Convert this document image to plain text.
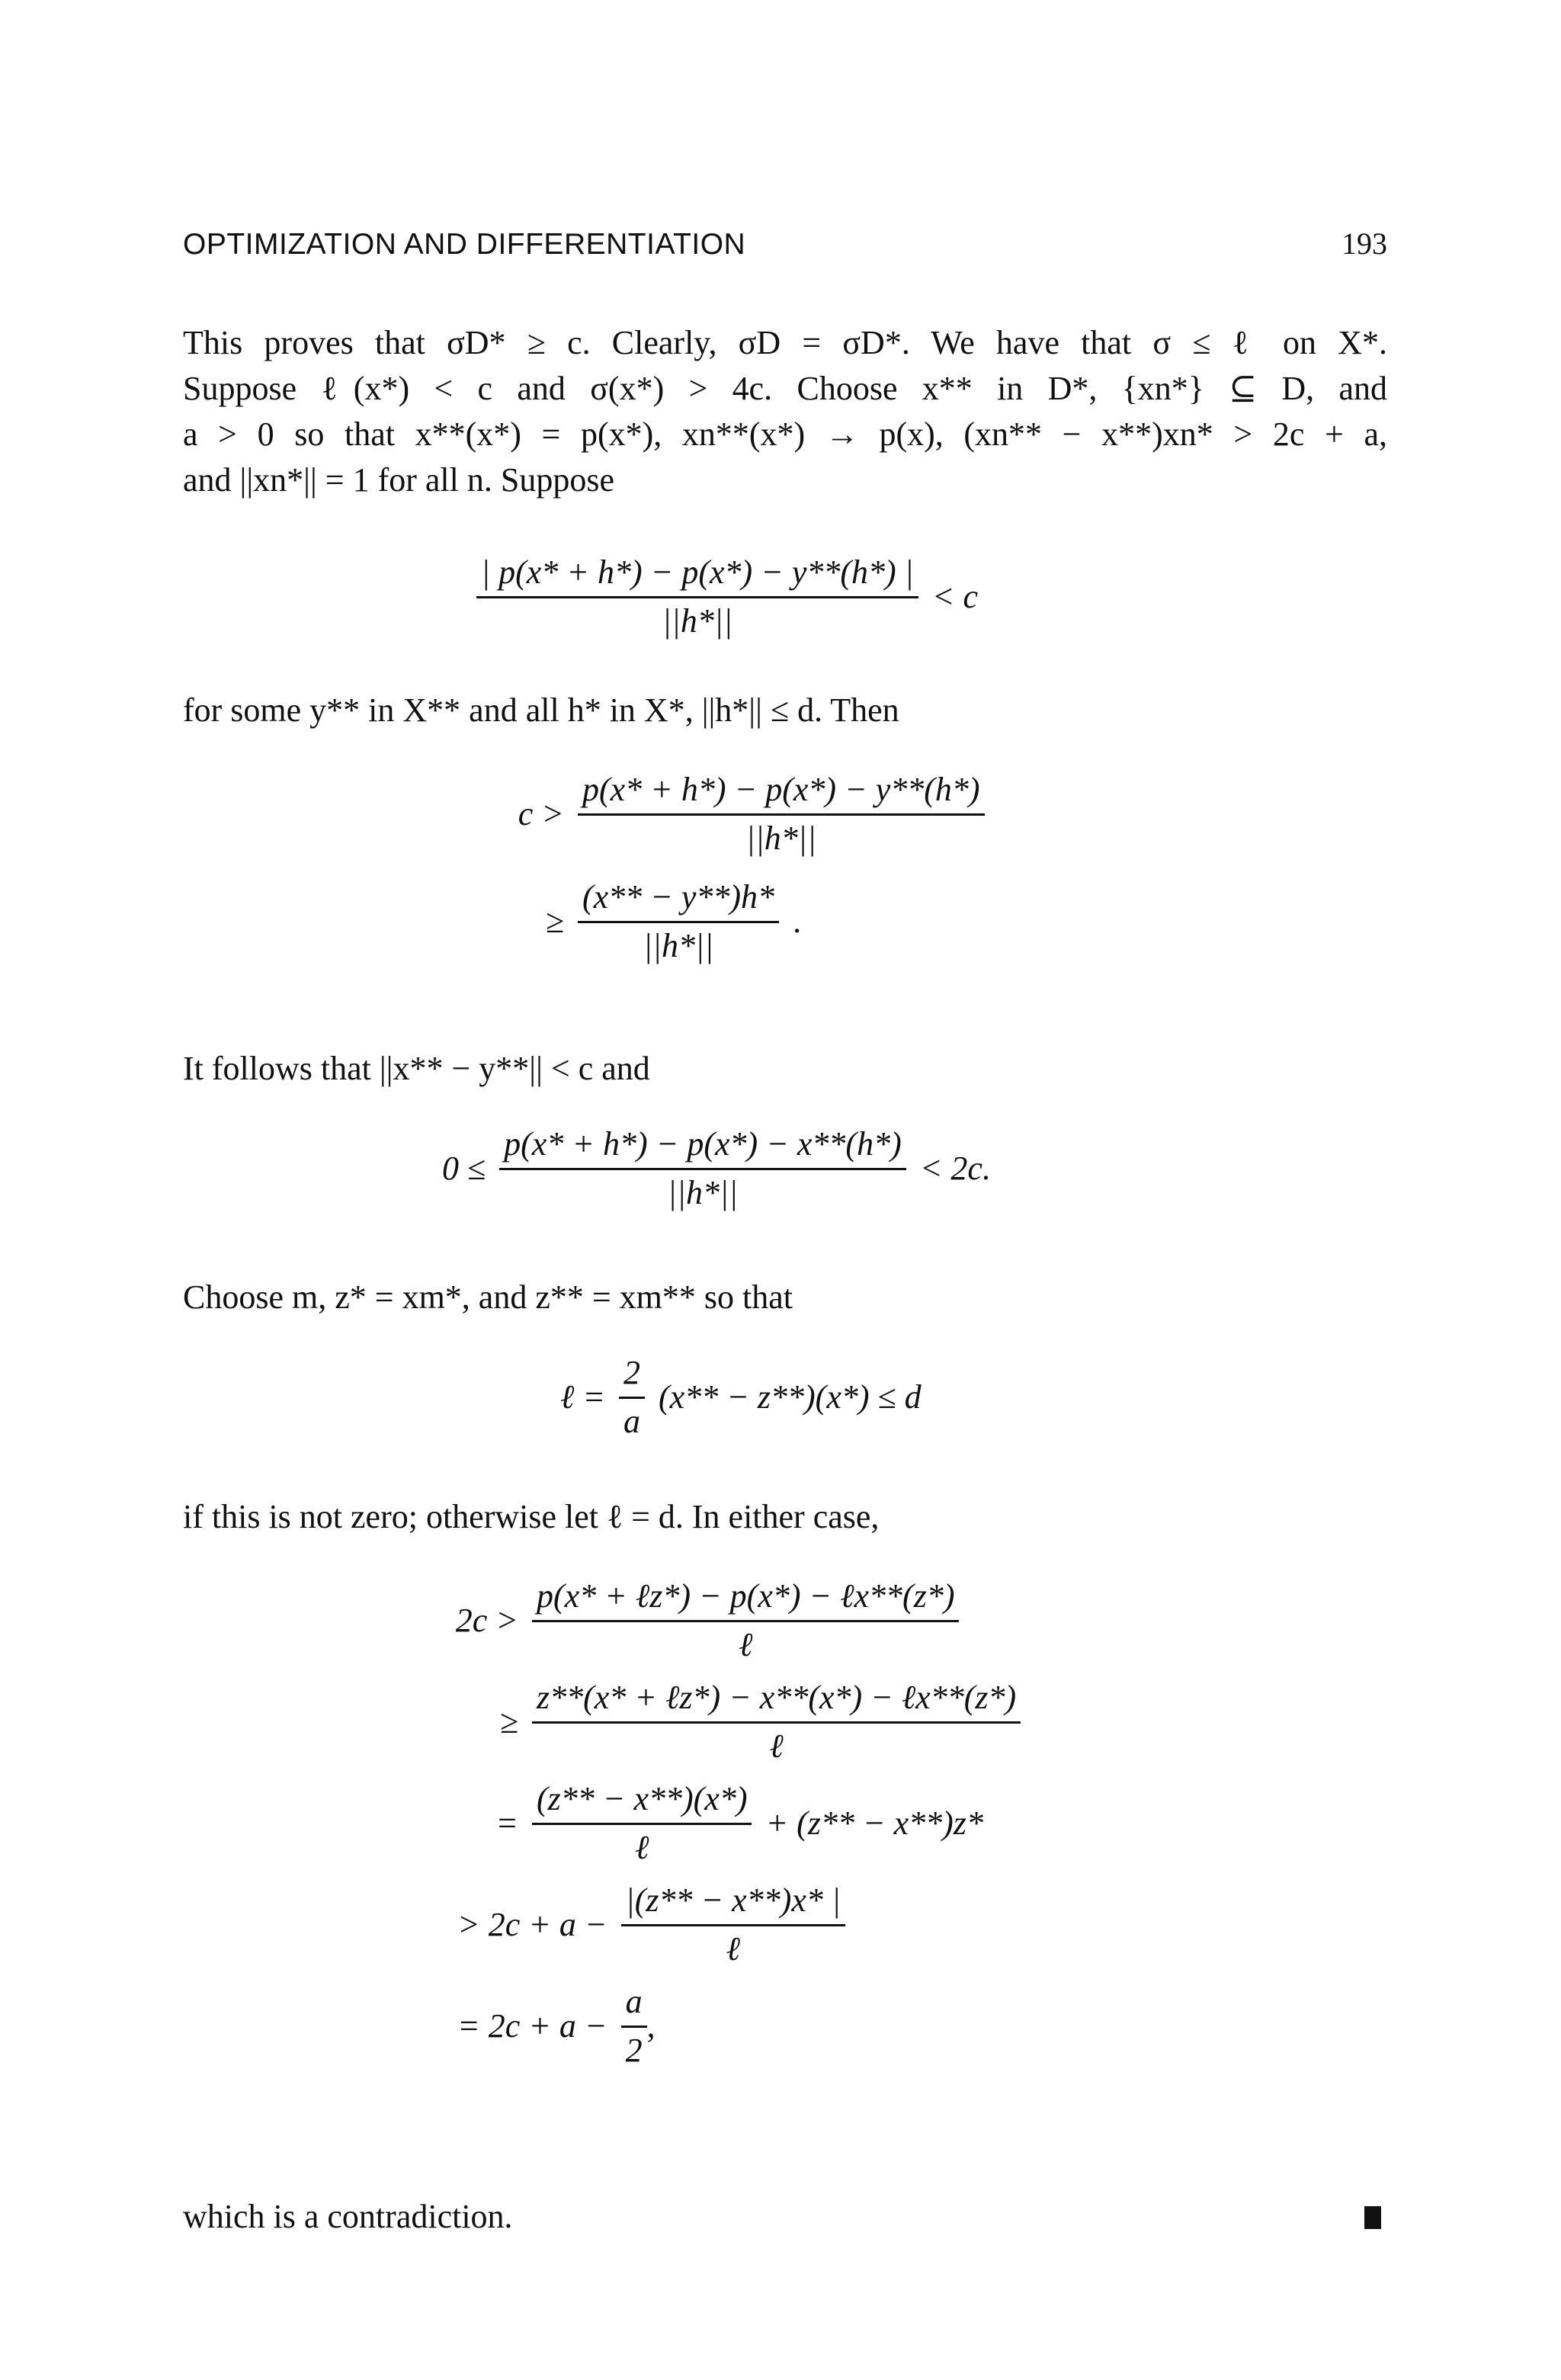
OPTIMIZATION AND DIFFERENTIATION	193
This proves that σD* ≥ c. Clearly, σD = σD*. We have that σ ≤ ℓ on X*.
Suppose ℓ(x*) < c and σ(x*) > 4c. Choose x** in D*, {xn*} ⊆ D, and
a > 0 so that x**(x*) = p(x*), xn**(x*) → p(x), (xn** − x**)xn* > 2c + a,
and ||xn*|| = 1 for all n. Suppose
$\frac{| p(x* + h*) - p(x*) - y**(h*) |}{||h*||} < c$
for some y** in X** and all h* in X*, ||h*|| ≤ d. Then
$c > \frac{p(x* + h*) - p(x*) - y**(h*)}{||h*||}$
≥ $\frac{(x** - y**)h*}{||h*||}$ .
It follows that ||x** − y**|| < c and
$0 \le \frac{p(x* + h*) - p(x*) - x**(h*)}{||h*||} < 2c$.
Choose m, z* = xm*, and z** = xm** so that
ℓ = $\frac{2}{a} (x** - z**)(x*) \le d$
if this is not zero; otherwise let ℓ = d. In either case,
$2c > \frac{\text{p(x* + ℓz*) − p(x*) − ℓx**(z*)}}{\text{ℓ}}$
≥ $\frac{\text{z**(x* + ℓz*) − x**(x*) − ℓx**(z*)}}{\text{ℓ}}$
= $\frac{(z** - x**)(x*)}{\text{ℓ}} + (z** - x**)z*$
> $2c + a - \frac{|(z** - x**)x* |}{\text{ℓ}}$
= $2c + a - \frac{a}{2}$ ,
which is a contradiction.
